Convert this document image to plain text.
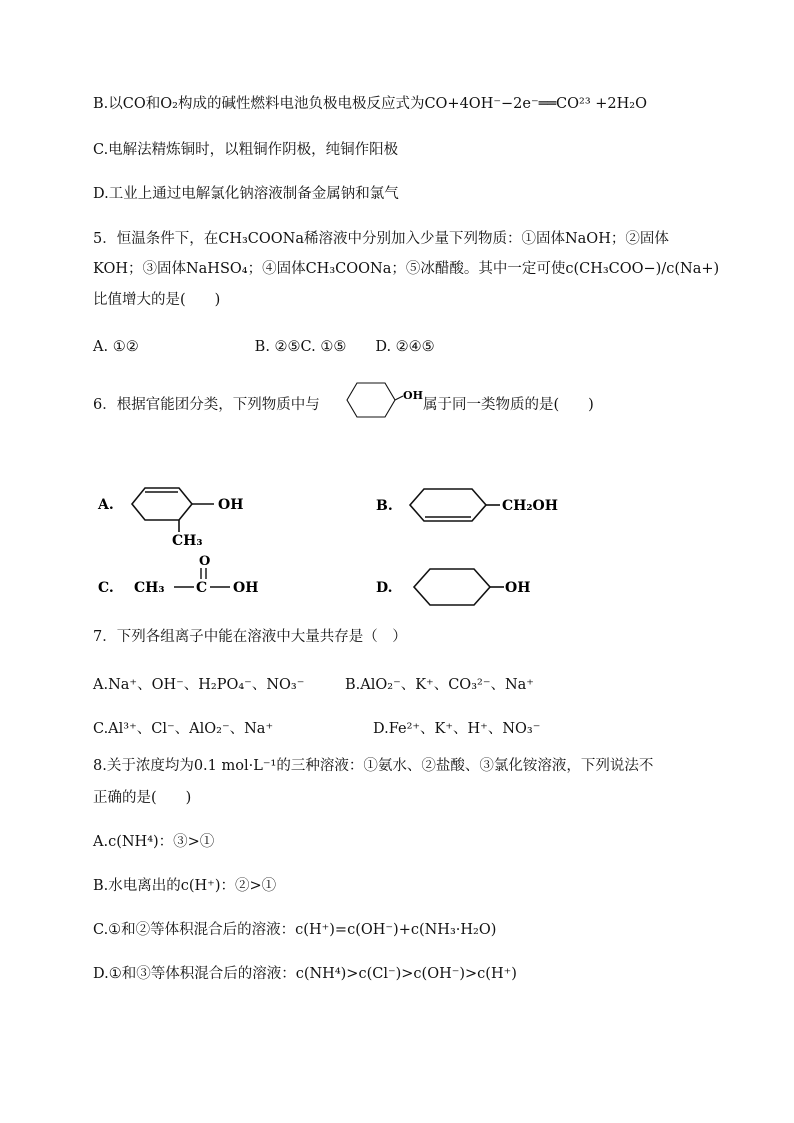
B.以CO和O₂构成的碱性燃料电池负极电极反应式为CO+4OH⁻−2e⁻══CO²³ +2H₂O
C.电解法精炼铜时，以粗铜作阴极，纯铜作阳极
D.工业上通过电解氯化钠溶液制备金属钠和氯气
5．恒温条件下，在CH₃COONa稀溶液中分别加入少量下列物质：①固体NaOH；②固体
KOH；③固体NaHSO₄；④固体CH₃COONa；⑤冰醋酸。其中一定可使c(CH₃COO−)/c(Na+)
比值增大的是(　　)
A. ①②　　　　　　　　B. ②⑤C. ①⑤　　D. ②④⑤
6．根据官能团分类，下列物质中与
OH
属于同一类物质的是(　　)
A.	OH
CH₃
B.	CH₂OH
C. CH₃
O
C OH	D.	OH
7．下列各组离子中能在溶液中大量共存是（　）
A.Na⁺、OH⁻、H₂PO₄⁻、NO₃⁻	B.AlO₂⁻、K⁺、CO₃²⁻、Na⁺
C.Al³⁺、Cl⁻、AlO₂⁻、Na⁺	D.Fe²⁺、K⁺、H⁺、NO₃⁻
8.关于浓度均为0.1 mol·L⁻¹的三种溶液：①氨水、②盐酸、③氯化铵溶液，下列说法不
正确的是(　　)
A.c(NH⁴)：③>①
B.水电离出的c(H⁺)：②>①
C.①和②等体积混合后的溶液：c(H⁺)=c(OH⁻)+c(NH₃·H₂O)
D.①和③等体积混合后的溶液：c(NH⁴)>c(Cl⁻)>c(OH⁻)>c(H⁺)
